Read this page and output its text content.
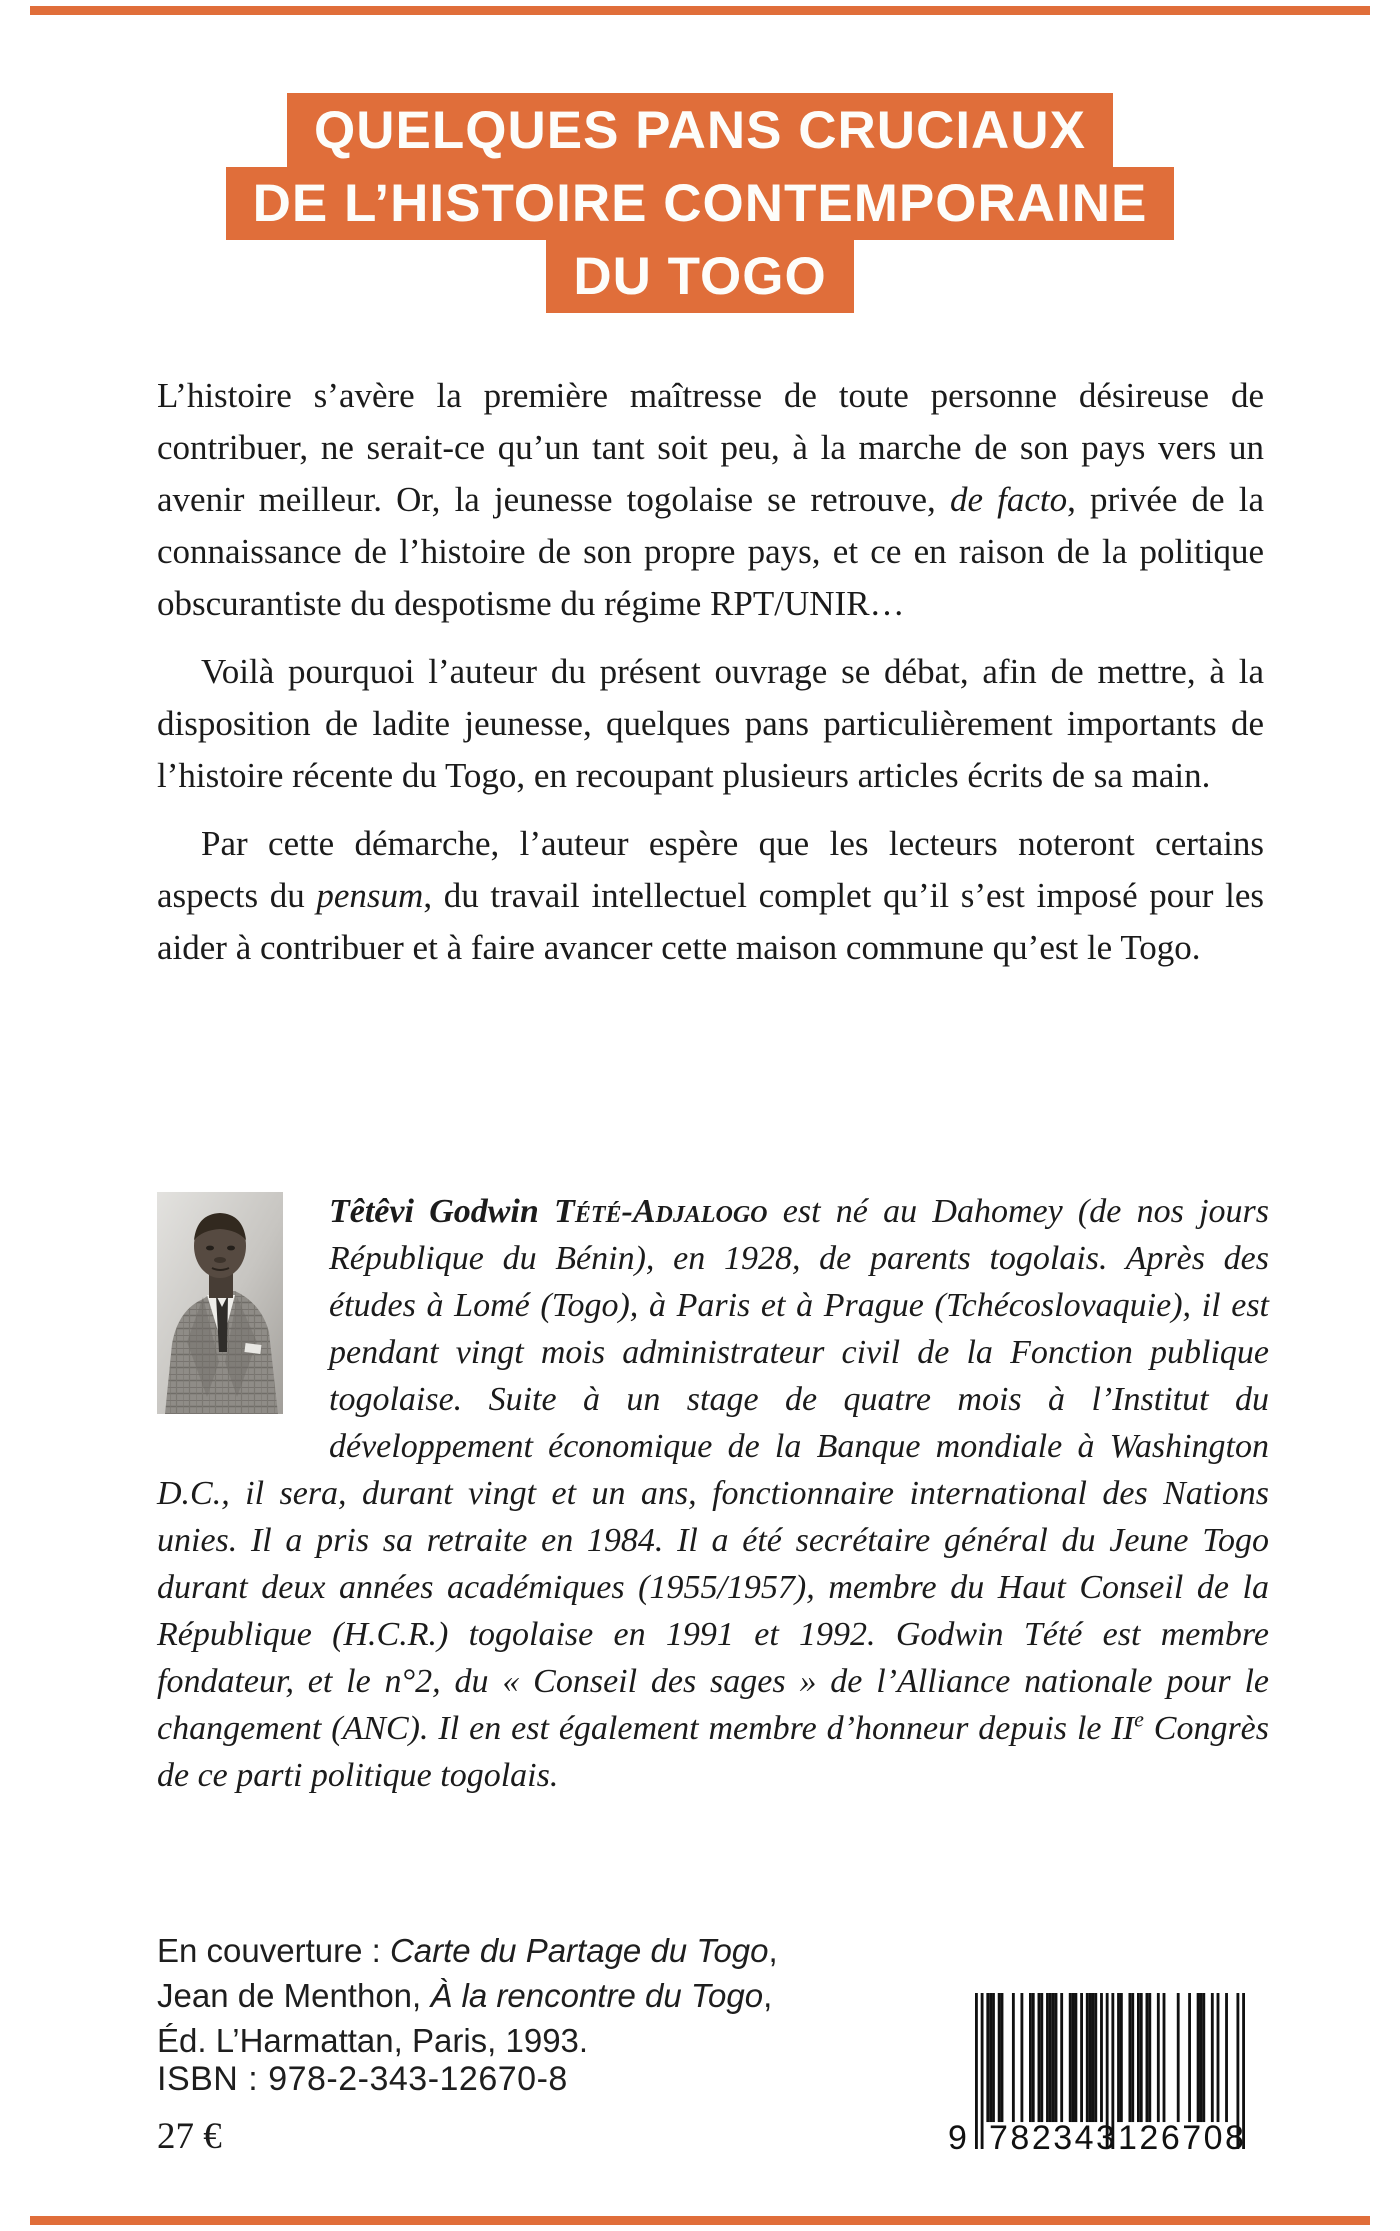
QUELQUES PANS CRUCIAUX
DE L’HISTOIRE CONTEMPORAINE
DU TOGO

L’histoire s’avère la première maîtresse de toute personne désireuse de contribuer, ne serait-ce qu’un tant soit peu, à la marche de son pays vers un avenir meilleur. Or, la jeunesse togolaise se retrouve, de facto, privée de la connaissance de l’histoire de son propre pays, et ce en raison de la politique obscurantiste du despotisme du régime RPT/UNIR…

Voilà pourquoi l’auteur du présent ouvrage se débat, afin de mettre, à la disposition de ladite jeunesse, quelques pans particulièrement importants de l’histoire récente du Togo, en recoupant plusieurs articles écrits de sa main.

Par cette démarche, l’auteur espère que les lecteurs noteront certains aspects du pensum, du travail intellectuel complet qu’il s’est imposé pour les aider à contribuer et à faire avancer cette maison commune qu’est le Togo.

Têtêvi Godwin Tété-Adjalogo est né au Dahomey (de nos jours République du Bénin), en 1928, de parents togolais. Après des études à Lomé (Togo), à Paris et à Prague (Tchécoslovaquie), il est pendant vingt mois administrateur civil de la Fonction publique togolaise. Suite à un stage de quatre mois à l’Institut du développement économique de la Banque mondiale à Washington D.C., il sera, durant vingt et un ans, fonctionnaire international des Nations unies. Il a pris sa retraite en 1984. Il a été secrétaire général du Jeune Togo durant deux années académiques (1955/1957), membre du Haut Conseil de la République (H.C.R.) togolaise en 1991 et 1992. Godwin Tété est membre fondateur, et le n°2, du « Conseil des sages » de l’Alliance nationale pour le changement (ANC). Il en est également membre d’honneur depuis le IIe Congrès de ce parti politique togolais.
En couverture : Carte du Partage du Togo,
Jean de Menthon, À la rencontre du Togo,
Éd. L’Harmattan, Paris, 1993.
ISBN : 978-2-343-12670-8
27 €	9 782343 126708
